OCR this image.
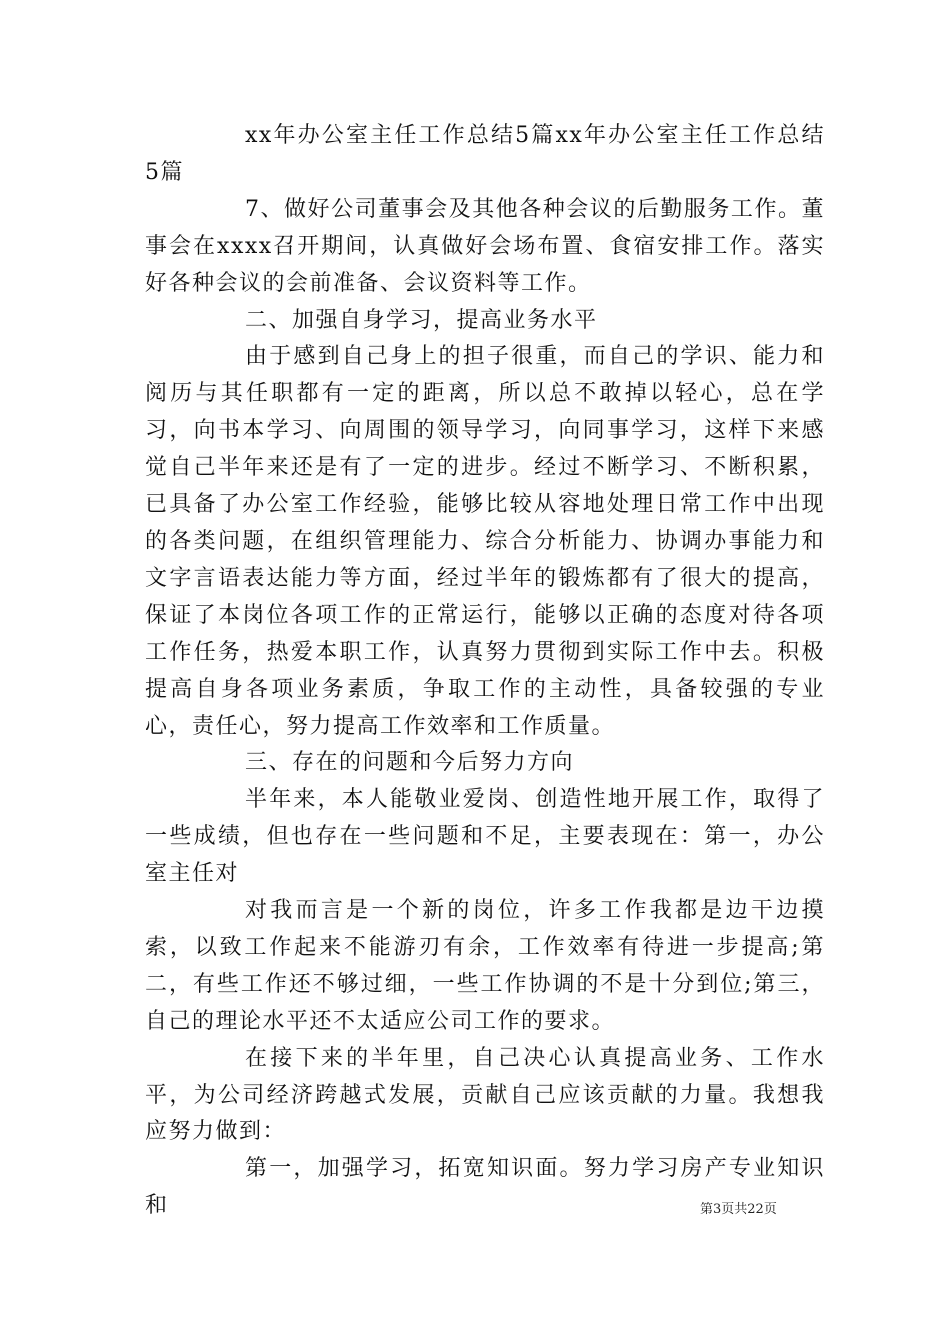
xx年办公室主任工作总结5篇xx年办公室主任工作总结5篇

7、做好公司董事会及其他各种会议的后勤服务工作。董事会在xxxx召开期间，认真做好会场布置、食宿安排工作。落实好各种会议的会前准备、会议资料等工作。

二、加强自身学习，提高业务水平

由于感到自己身上的担子很重，而自己的学识、能力和阅历与其任职都有一定的距离，所以总不敢掉以轻心，总在学习，向书本学习、向周围的领导学习，向同事学习，这样下来感觉自己半年来还是有了一定的进步。经过不断学习、不断积累，已具备了办公室工作经验，能够比较从容地处理日常工作中出现的各类问题，在组织管理能力、综合分析能力、协调办事能力和文字言语表达能力等方面，经过半年的锻炼都有了很大的提高，保证了本岗位各项工作的正常运行，能够以正确的态度对待各项工作任务，热爱本职工作，认真努力贯彻到实际工作中去。积极提高自身各项业务素质，争取工作的主动性，具备较强的专业心，责任心，努力提高工作效率和工作质量。

三、存在的问题和今后努力方向

半年来，本人能敬业爱岗、创造性地开展工作，取得了一些成绩，但也存在一些问题和不足，主要表现在：第一，办公室主任对

对我而言是一个新的岗位，许多工作我都是边干边摸索，以致工作起来不能游刃有余，工作效率有待进一步提高;第二，有些工作还不够过细，一些工作协调的不是十分到位;第三，自己的理论水平还不太适应公司工作的要求。

在接下来的半年里，自己决心认真提高业务、工作水平，为公司经济跨越式发展，贡献自己应该贡献的力量。我想我应努力做到：

第一，加强学习，拓宽知识面。努力学习房产专业知识和	第3页共22页
